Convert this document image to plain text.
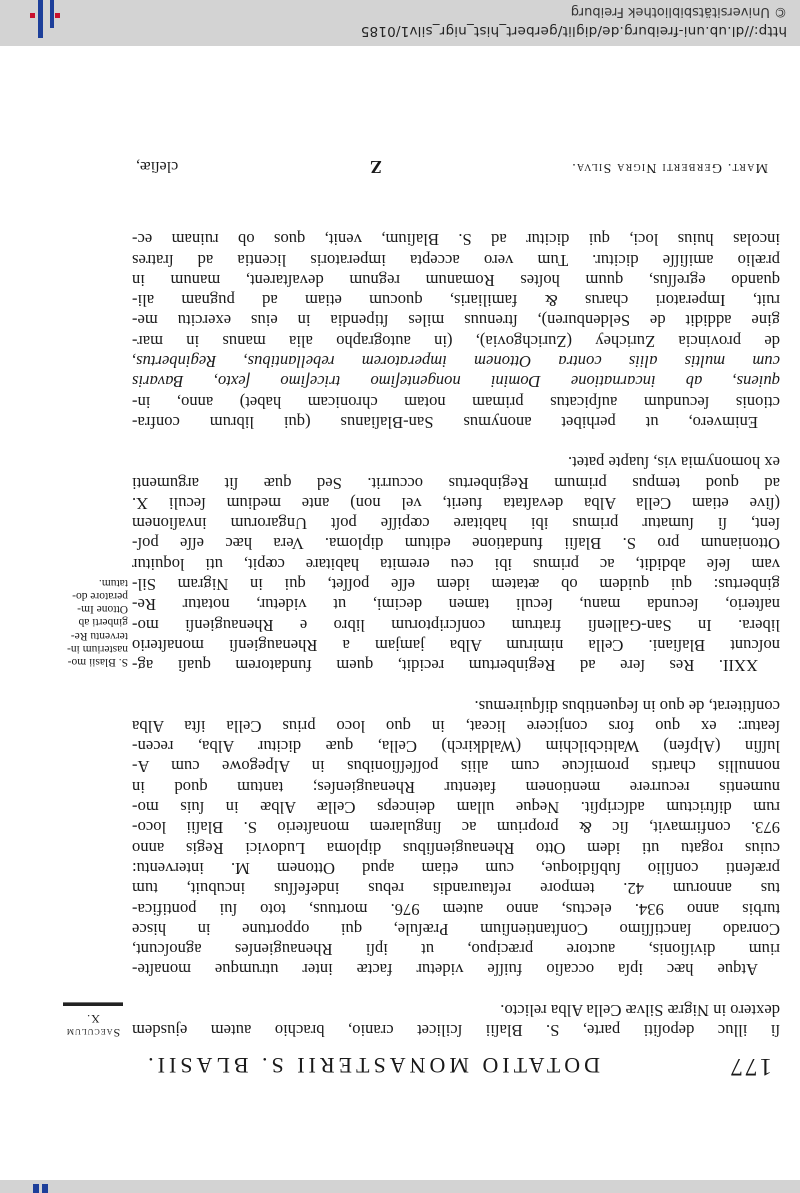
177
DOTATIO MONASTERII S. BLASII.
Saeculum
X.
S. Blasii mo-
nasterium in-
terventu Re-
ginberti ab
Ottone Im-
peratore do-
tatum.
ſi illuc depoſiti parte, S. Blaſii ſcilicet cranio, brachio autem ejusdem
dextero in Nigræ Silvæ Cella Alba relicto.
Atque hæc ipſa occaſio fuiſſe videtur factæ inter utrumque monaſte-
rium diviſionis, auctore præcipuo, ut ipſi Rhenaugienſes agnoſcunt,
Conrado ſanctiſſimo Conſtantienſium Præſule, qui opportune in hisce
turbis anno 934. electus, anno autem 976. mortuus, toto ſui pontifica-
tus annorum 42. tempore reſtaurandis rebus indefeſſus incubuit, tum
præſenti conſilio ſubſidioque, cum etiam apud Ottonem M. interventu:
cuius rogatu uti idem Otto Rhenaugienſibus diploma Ludovici Regis anno
973. confirmavit, ſic & proprium ac ſingularem monaſterio S. Blaſii loco-
rum diſtrictum adſcripſit. Neque ullam deinceps Cellæ Albæ in ſuis mo-
numentis recurrere mentionem fatentur Rhenaugienſes; tantum quod in
nonnullis chartis promiſcue cum aliis poſſeſſionibus in Alpegowe cum A-
luſſin (Alpfen) Walticbilchim (Waldkirch) Cella, quæ dicitur Alba, recen-
ſeatur: ex quo fors conjicere liceat, in quo loco prius Cella iſta Alba
conſtiterat, de quo in ſequentibus diſquiremus.
XXII. Res ſere ad Reginbertum recidit, quem fundatorem quaſi ag-
noſcunt Blaſiani. Cella nimirum Alba jamjam a Rhenaugienſi monaſterio
libera. In San-Gallenſi fratrum conſcriptorum libro e Rhenaugienſi mo-
naſterio, ſecunda manu, ſeculi tamen decimi, ut videtur, notatur Re-
ginbertus: qui quidem ob ætatem idem eſſe poſſet, qui in Nigram Sil-
vam ſeſe abdidit, ac primus ibi ceu eremita habitare cœpit, uti loquitur
Ottonianum pro S. Blaſii fundatione editum diploma. Vera hæc eſſe poſ-
ſent, ſi ſumatur primus ibi habitare cœpiſſe poſt Ungarorum invaſionem
(ſive etiam Cella Alba devaſtata fuerit, vel non) ante medium ſeculi X.
ad quod tempus primum Reginbertus occurrit. Sed quæ ſit argumenti
ex homonymia vis, ſuapte patet.
Enimvero, ut perhibet anonymus San-Blaſianus (qui librum confra-
ctionis ſecundum auſpicatus primam notam chronicam habet) anno, in-
quiens, ab incarnatione Domini nongenteſimo triceſimo ſexto, Bavaris
cum multis aliis contra Ottonem imperatorem rebellantibus, Reginbertus,
de provincia Zurichey (Zurichgovia), (in autographo alia manus in mar-
gine addidit de Seldenburen), ſtrenuus miles ſtipendia in eius exercitu me-
ruit, Imperatori charus & familiaris, quocum etiam ad pugnam ali-
quando egreſſus, quum hoſtes Romanum regnum devaſtarent, manum in
prælio amiſiſſe dicitur. Tum vero accepta imperatoris licentia ad ſratres
incolas huius loci, qui dicitur ad S. Blaſium, venit, quos ob ruinam ec-
Mart. Gerberti Nigra Silva.
Z
cleſiæ,
http://dl.ub.uni-freiburg.de/diglit/gerbert_hist_nigr_silv1/0185
© Universitätsbibliothek Freiburg
